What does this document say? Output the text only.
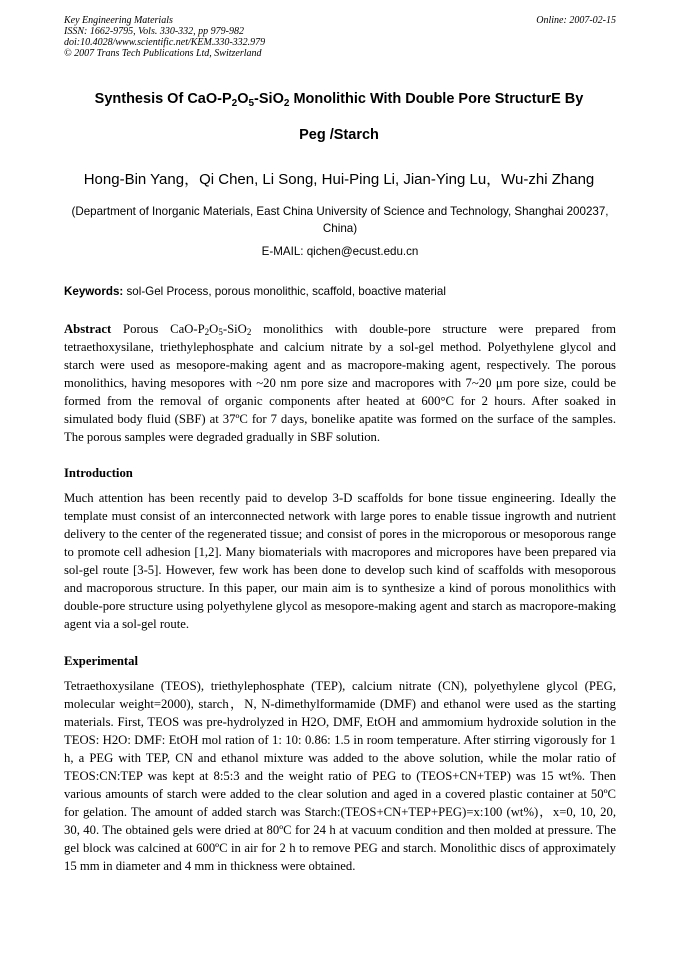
Key Engineering Materials
ISSN: 1662-9795, Vols. 330-332, pp 979-982
doi:10.4028/www.scientific.net/KEM.330-332.979
© 2007 Trans Tech Publications Ltd, Switzerland
Online: 2007-02-15
Synthesis Of CaO-$P_2O_5-SiO_2$ Monolithic With Double Pore StructurE By
Peg /Starch
Hong-Bin Yang，Qi Chen, Li Song, Hui-Ping Li, Jian-Ying Lu，Wu-zhi Zhang
(Department of Inorganic Materials, East China University of Science and Technology, Shanghai 200237, China)
E-MAIL: qichen@ecust.edu.cn
Keywords: sol-Gel Process, porous monolithic, scaffold, boactive material
Abstract Porous CaO-$P_2O_5-SiO_2$ monolithics with double-pore structure were prepared from tetraethoxysilane, triethylephosphate and calcium nitrate by a sol-gel method. Polyethylene glycol and starch were used as mesopore-making agent and as macropore-making agent, respectively. The porous monolithics, having mesopores with ~20 nm pore size and macropores with 7~20 μm pore size, could be formed from the removal of organic components after heated at 600°C for 2 hours. After soaked in simulated body fluid (SBF) at 37ºC for 7 days, bonelike apatite was formed on the surface of the samples. The porous samples were degraded gradually in SBF solution.
Introduction
Much attention has been recently paid to develop 3-D scaffolds for bone tissue engineering. Ideally the template must consist of an interconnected network with large pores to enable tissue ingrowth and nutrient delivery to the center of the regenerated tissue; and consist of pores in the microporous or mesoporous range to promote cell adhesion [1,2]. Many biomaterials with macropores and micropores have been prepared via sol-gel route [3-5]. However, few work has been done to develop such kind of scaffolds with mesoporous and macroporous structure. In this paper, our main aim is to synthesize a kind of porous monolithics with double-pore structure using polyethylene glycol as mesopore-making agent and starch as macropore-making agent via a sol-gel route.
Experimental
Tetraethoxysilane (TEOS), triethylephosphate (TEP), calcium nitrate (CN), polyethylene glycol (PEG, molecular weight=2000), starch，N, N-dimethylformamide (DMF) and ethanol were used as the starting materials. First, TEOS was pre-hydrolyzed in H2O, DMF, EtOH and ammomium hydroxide solution in the TEOS: H2O: DMF: EtOH mol ration of 1: 10: 0.86: 1.5 in room temperature. After stirring vigorously for 1 h, a PEG with TEP, CN and ethanol mixture was added to the above solution, while the molar ratio of TEOS:CN:TEP was kept at 8:5:3 and the weight ratio of PEG to (TEOS+CN+TEP) was 15 wt%. Then various amounts of starch were added to the clear solution and aged in a covered plastic container at 50ºC for gelation. The amount of added starch was Starch:(TEOS+CN+TEP+PEG)=x:100 (wt%)，x=0, 10, 20, 30, 40. The obtained gels were dried at 80ºC for 24 h at vacuum condition and then molded at pressure. The gel block was calcined at 600ºC in air for 2 h to remove PEG and starch. Monolithic discs of approximately 15 mm in diameter and 4 mm in thickness were obtained.
